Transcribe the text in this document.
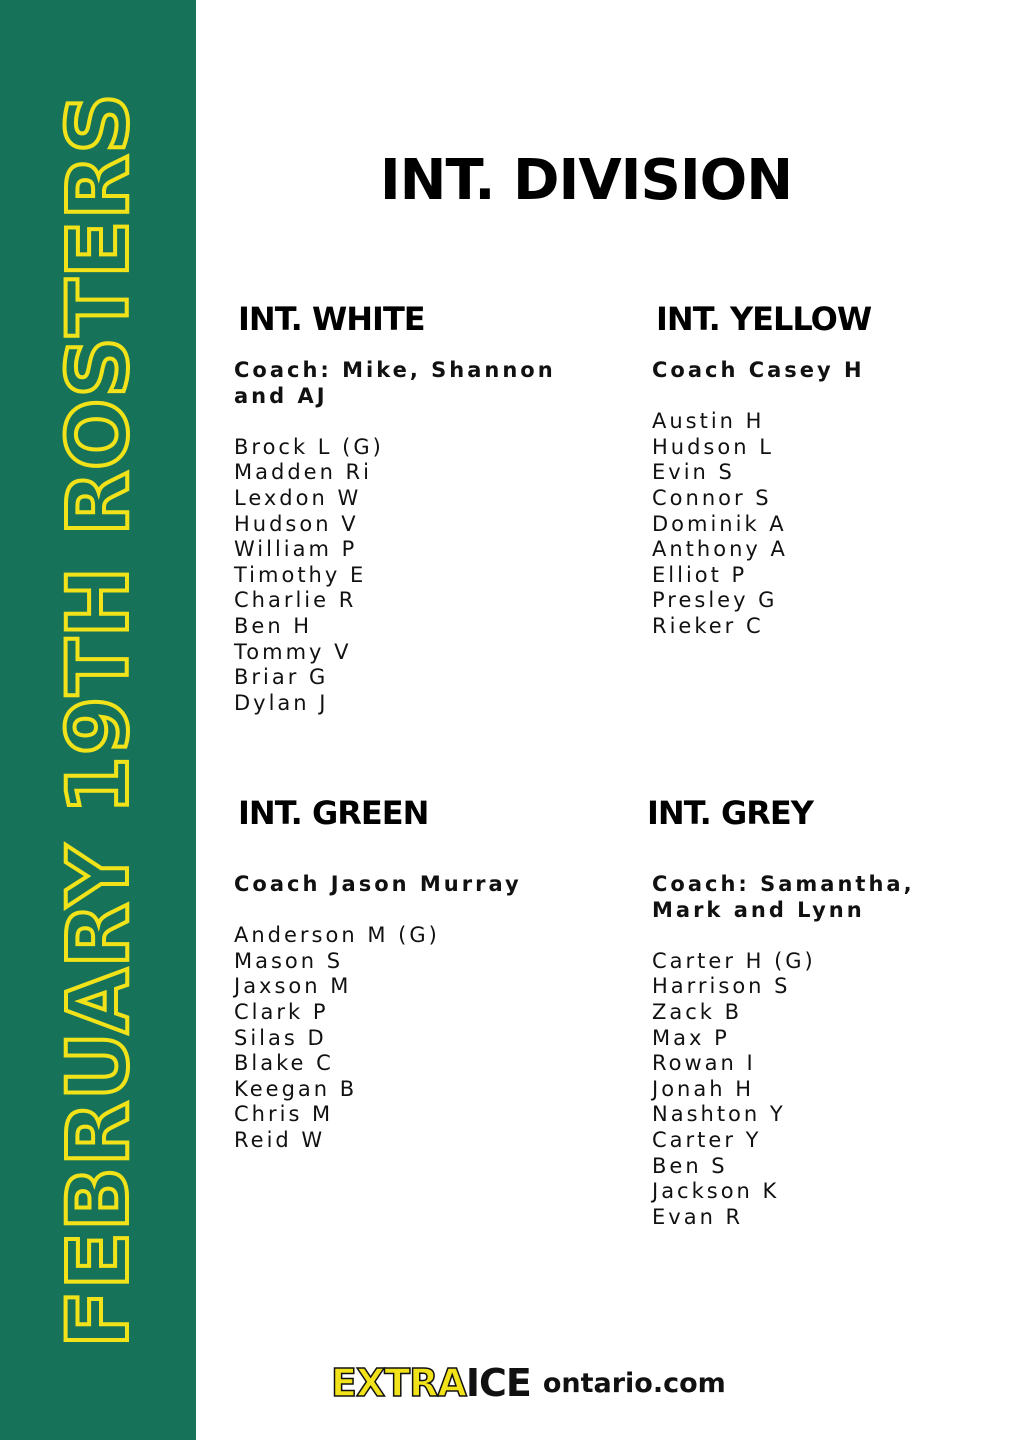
FEBRUARY 19TH ROSTERS	INT. DIVISION
INT. WHITE
Coach: Mike, Shannon and AJ
Brock L (G)
Madden Ri
Lexdon W
Hudson V
William P
Timothy E
Charlie R
Ben H
Tommy V
Briar G
Dylan J
INT. YELLOW
Coach Casey H
Austin H
Hudson L
Evin S
Connor S
Dominik A
Anthony A
Elliot P
Presley G
Rieker C
INT. GREEN
Coach Jason Murray
Anderson M (G)
Mason S
Jaxson M
Clark P
Silas D
Blake C
Keegan B
Chris M
Reid W
INT. GREY
Coach: Samantha, Mark and Lynn
Carter H (G)
Harrison S
Zack B
Max P
Rowan I
Jonah H
Nashton Y
Carter Y
Ben S
Jackson K
Evan R
EXTRAICE ontario.com
